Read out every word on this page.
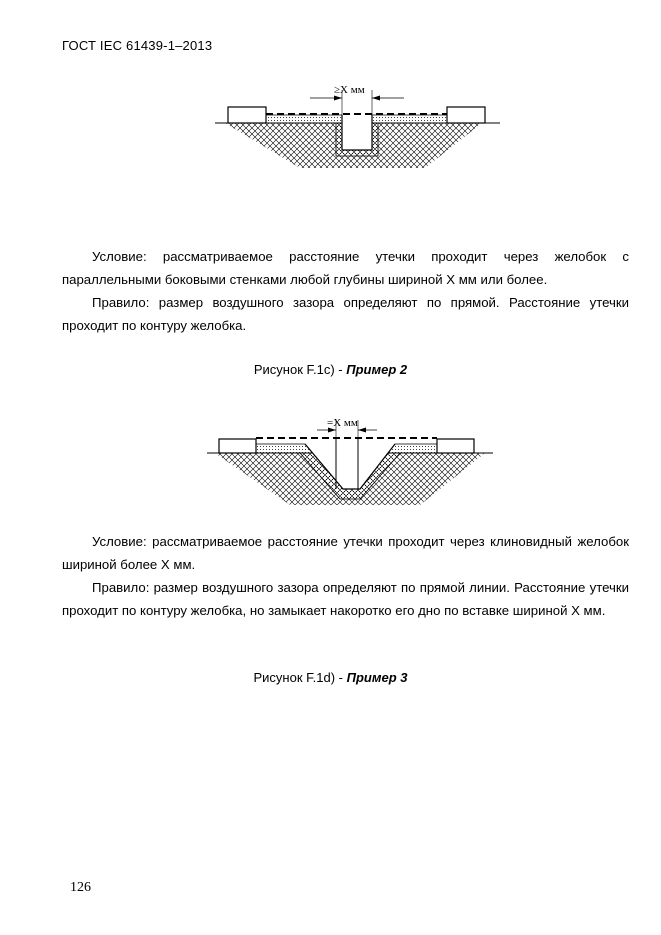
ГОСТ IEC 61439-1–2013
≥X мм

Условие: рассматриваемое расстояние утечки проходит через желобок с параллельными боковыми стенками любой глубины шириной X мм или более.

Правило: размер воздушного зазора определяют по прямой. Расстояние утечки проходит по контуру желобка.

Рисунок F.1c) - Пример 2
=X мм

Условие: рассматриваемое расстояние утечки проходит через клиновидный желобок шириной более X мм.

Правило: размер воздушного зазора определяют по прямой линии. Расстояние утечки проходит по контуру желобка, но замыкает накоротко его дно по вставке шириной X мм.

Рисунок F.1d) - Пример 3
126
